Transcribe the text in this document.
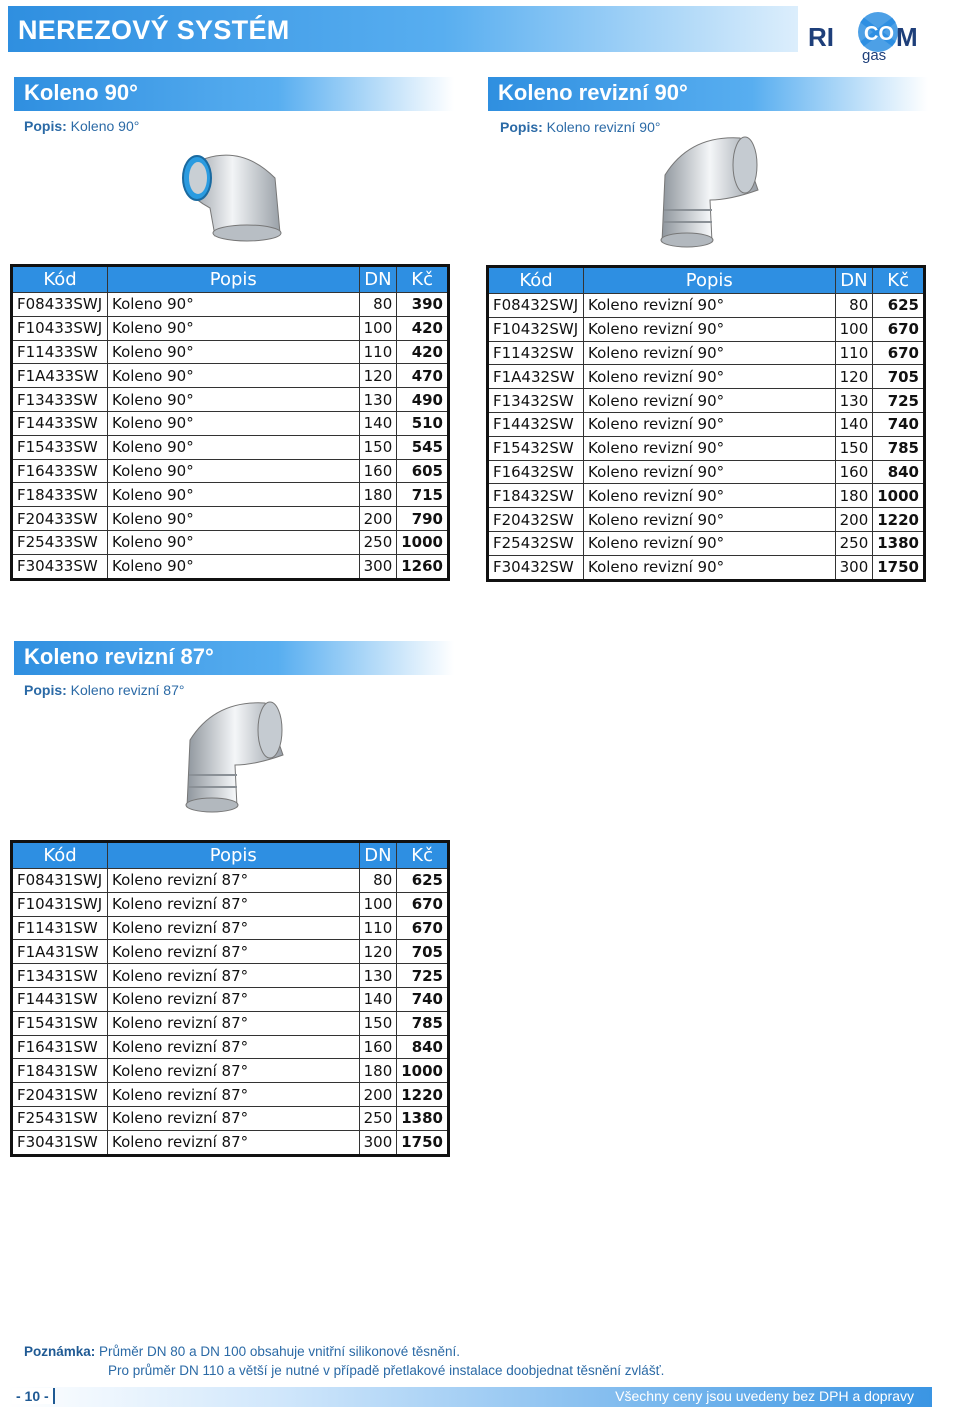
NEREZOVÝ SYSTÉM	RI M
CO
gas
Koleno 90°
Popis: Koleno 90°
Kód	Popis	DN	Kč
F08433SWJ	Koleno 90°	80	390
F10433SWJ	Koleno 90°	100	420
F11433SW	Koleno 90°	110	420
F1A433SW	Koleno 90°	120	470
F13433SW	Koleno 90°	130	490
F14433SW	Koleno 90°	140	510
F15433SW	Koleno 90°	150	545
F16433SW	Koleno 90°	160	605
F18433SW	Koleno 90°	180	715
F20433SW	Koleno 90°	200	790
F25433SW	Koleno 90°	250	1000
F30433SW	Koleno 90°	300	1260
Koleno revizní 90°
Popis: Koleno revizní 90°
Kód	Popis	DN	Kč
F08432SWJ	Koleno revizní 90°	80	625
F10432SWJ	Koleno revizní 90°	100	670
F11432SW	Koleno revizní 90°	110	670
F1A432SW	Koleno revizní 90°	120	705
F13432SW	Koleno revizní 90°	130	725
F14432SW	Koleno revizní 90°	140	740
F15432SW	Koleno revizní 90°	150	785
F16432SW	Koleno revizní 90°	160	840
F18432SW	Koleno revizní 90°	180	1000
F20432SW	Koleno revizní 90°	200	1220
F25432SW	Koleno revizní 90°	250	1380
F30432SW	Koleno revizní 90°	300	1750
Koleno revizní 87°
Popis: Koleno revizní 87°
Kód	Popis	DN	Kč
F08431SWJ	Koleno revizní 87°	80	625
F10431SWJ	Koleno revizní 87°	100	670
F11431SW	Koleno revizní 87°	110	670
F1A431SW	Koleno revizní 87°	120	705
F13431SW	Koleno revizní 87°	130	725
F14431SW	Koleno revizní 87°	140	740
F15431SW	Koleno revizní 87°	150	785
F16431SW	Koleno revizní 87°	160	840
F18431SW	Koleno revizní 87°	180	1000
F20431SW	Koleno revizní 87°	200	1220
F25431SW	Koleno revizní 87°	250	1380
F30431SW	Koleno revizní 87°	300	1750
Poznámka: Průměr DN 80 a DN 100 obsahuje vnitřní silikonové těsnění.
Pro průměr DN 110 a větší je nutné v případě přetlakové instalace doobjednat těsnění zvlášť.
- 10 -	Všechny ceny jsou uvedeny bez DPH a dopravy
